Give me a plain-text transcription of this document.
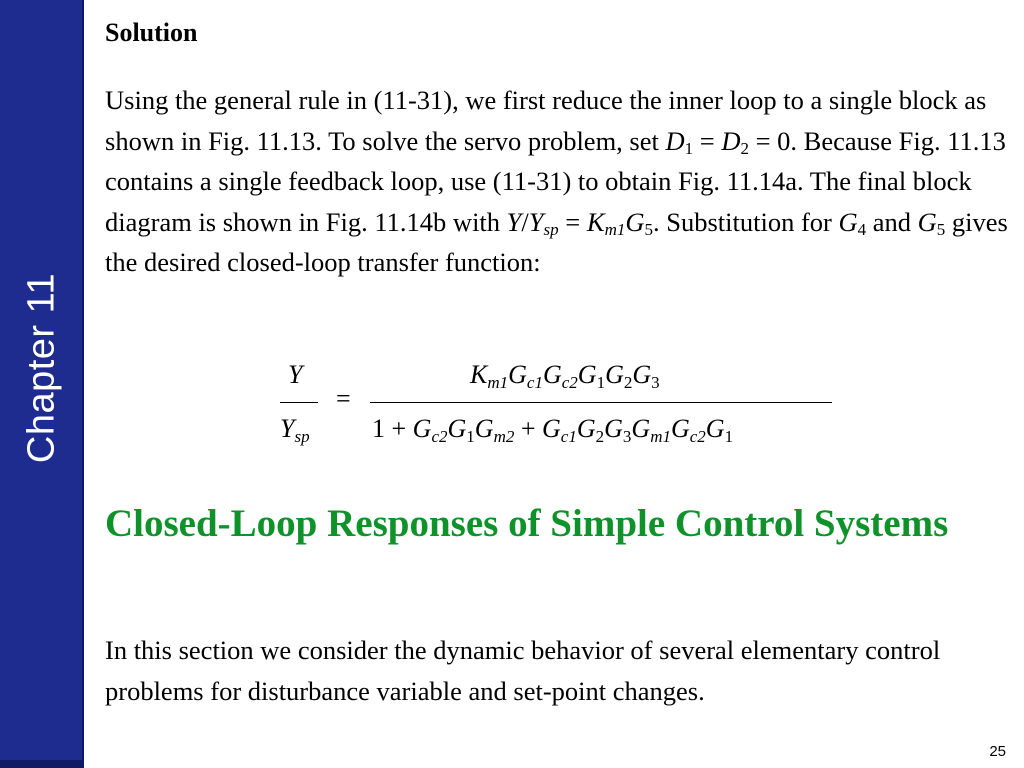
Chapter 11
Solution
Using the general rule in (11-31), we first reduce the inner loop to a single block as shown in Fig. 11.13. To solve the servo problem, set $D_1 = D_2 = 0$. Because Fig. 11.13 contains a single feedback loop, use (11-31) to obtain Fig. 11.14a. The final block diagram is shown in Fig. 11.14b with $Y/Y_{sp} = K_{m1}G_5$. Substitution for $G_4$ and $G_5$ gives the desired closed-loop transfer function:
Y
$Y_{sp}$
=
$K_{m1}G_{c1}G_{c2}G_1G_2G_3$
$1 + G_{c2}G_1G_{m2} + G_{c1}G_2G_3G_{m1}G_{c2}G_1$
Closed-Loop Responses of Simple Control Systems
In this section we consider the dynamic behavior of several elementary control problems for disturbance variable and set-point changes.
25
